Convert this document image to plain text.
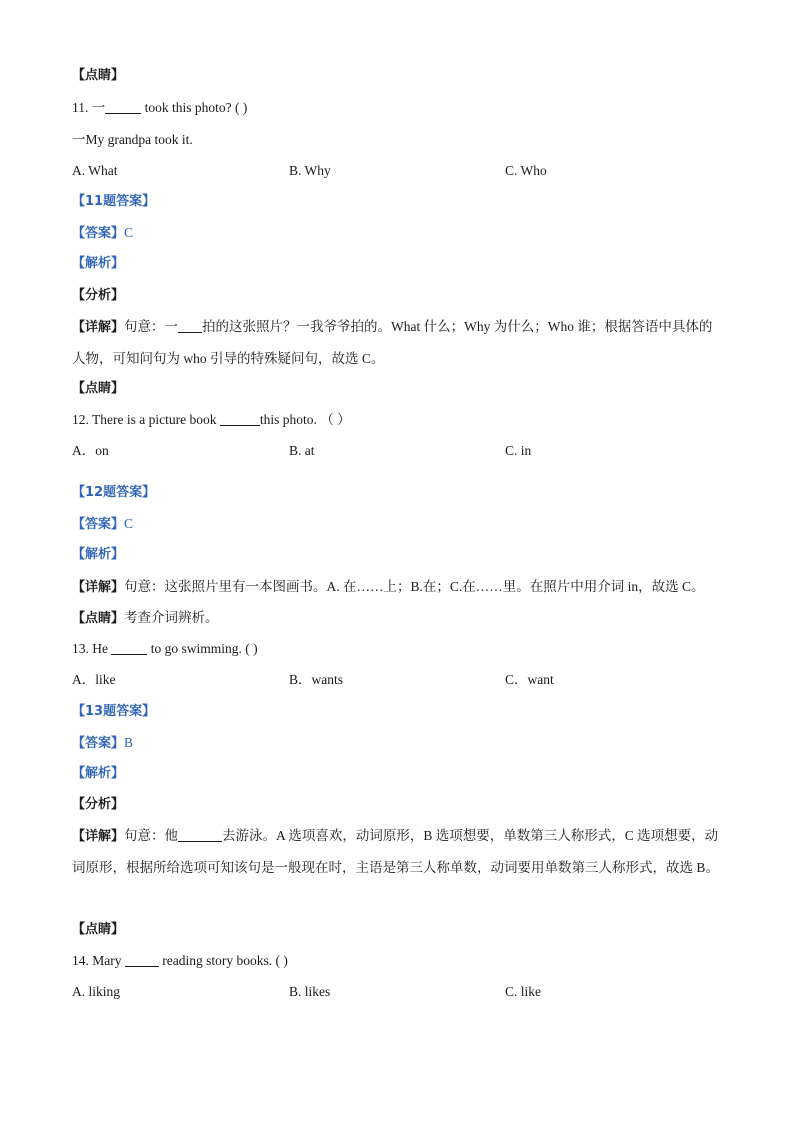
【点睛】
11. 一	took this photo? ( )
一My grandpa took it.
A. What	B. Why	C. Who
【11题答案】
【答案】C
【解析】
【分析】
【详解】句意：一 拍的这张照片？一我爷爷拍的。What 什么；Why 为什么；Who 谁；根据答语中具体的人物，可知问句为 who 引导的特殊疑问句，故选 C。
【点睛】
12. There is a picture book	this photo. （ ）
A．on	B. at	C. in
【12题答案】
【答案】C
【解析】
【详解】句意：这张照片里有一本图画书。A. 在……上；B.在；C.在……里。在照片中用介词 in，故选 C。
【点睛】考查介词辨析。
13. He	to go swimming. ( )
A．like	B．wants	C．want
【13题答案】
【答案】B
【解析】
【分析】
【详解】句意：他	去游泳。A 选项喜欢，动词原形，B 选项想要，单数第三人称形式，C 选项想要，动词原形，根据所给选项可知该句是一般现在时，主语是第三人称单数，动词要用单数第三人称形式，故选 B。
【点睛】
14. Mary	reading story books. ( )
A. liking	B. likes	C. like
